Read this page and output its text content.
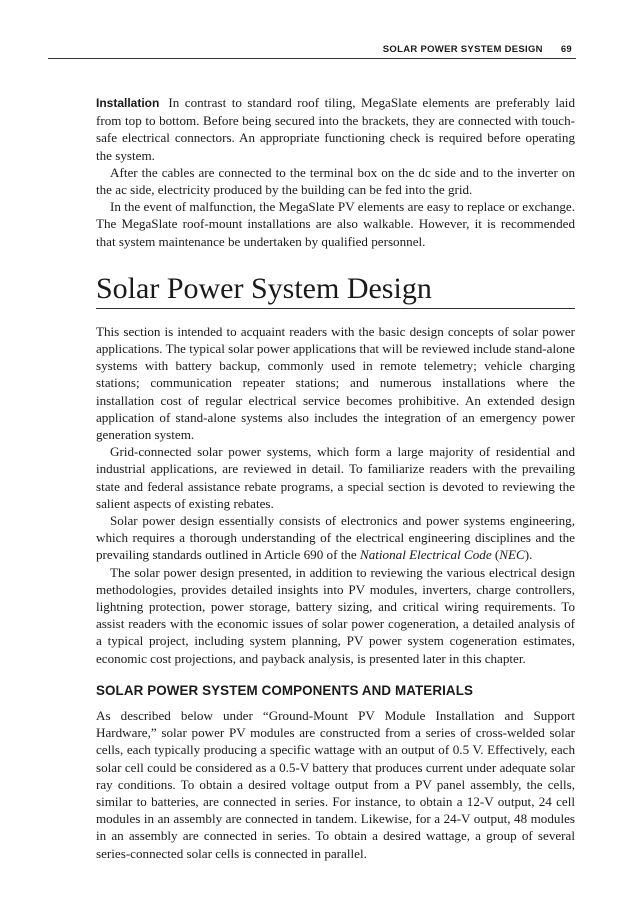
SOLAR POWER SYSTEM DESIGN 69

Installation In contrast to standard roof tiling, MegaSlate elements are preferably laid from top to bottom. Before being secured into the brackets, they are connected with touch-safe electrical connectors. An appropriate functioning check is required before operating the system.

After the cables are connected to the terminal box on the dc side and to the inverter on the ac side, electricity produced by the building can be fed into the grid.

In the event of malfunction, the MegaSlate PV elements are easy to replace or exchange. The MegaSlate roof-mount installations are also walkable. However, it is recommended that system maintenance be undertaken by qualified personnel.

Solar Power System Design

This section is intended to acquaint readers with the basic design concepts of solar power applications. The typical solar power applications that will be reviewed include stand-alone systems with battery backup, commonly used in remote telemetry; vehicle charging stations; communication repeater stations; and numerous installations where the installation cost of regular electrical service becomes prohibitive. An extended design application of stand-alone systems also includes the integration of an emergency power generation system.

Grid-connected solar power systems, which form a large majority of residential and industrial applications, are reviewed in detail. To familiarize readers with the prevailing state and federal assistance rebate programs, a special section is devoted to reviewing the salient aspects of existing rebates.

Solar power design essentially consists of electronics and power systems engineering, which requires a thorough understanding of the electrical engineering disciplines and the prevailing standards outlined in Article 690 of the National Electrical Code (NEC).

The solar power design presented, in addition to reviewing the various electrical design methodologies, provides detailed insights into PV modules, inverters, charge controllers, lightning protection, power storage, battery sizing, and critical wiring requirements. To assist readers with the economic issues of solar power cogeneration, a detailed analysis of a typical project, including system planning, PV power system cogeneration estimates, economic cost projections, and payback analysis, is presented later in this chapter.

SOLAR POWER SYSTEM COMPONENTS AND MATERIALS

As described below under “Ground-Mount PV Module Installation and Support Hardware,” solar power PV modules are constructed from a series of cross-welded solar cells, each typically producing a specific wattage with an output of 0.5 V. Effectively, each solar cell could be considered as a 0.5-V battery that produces current under adequate solar ray conditions. To obtain a desired voltage output from a PV panel assembly, the cells, similar to batteries, are connected in series. For instance, to obtain a 12-V output, 24 cell modules in an assembly are connected in tandem. Likewise, for a 24-V output, 48 modules in an assembly are connected in series. To obtain a desired wattage, a group of several series-connected solar cells is connected in parallel.
